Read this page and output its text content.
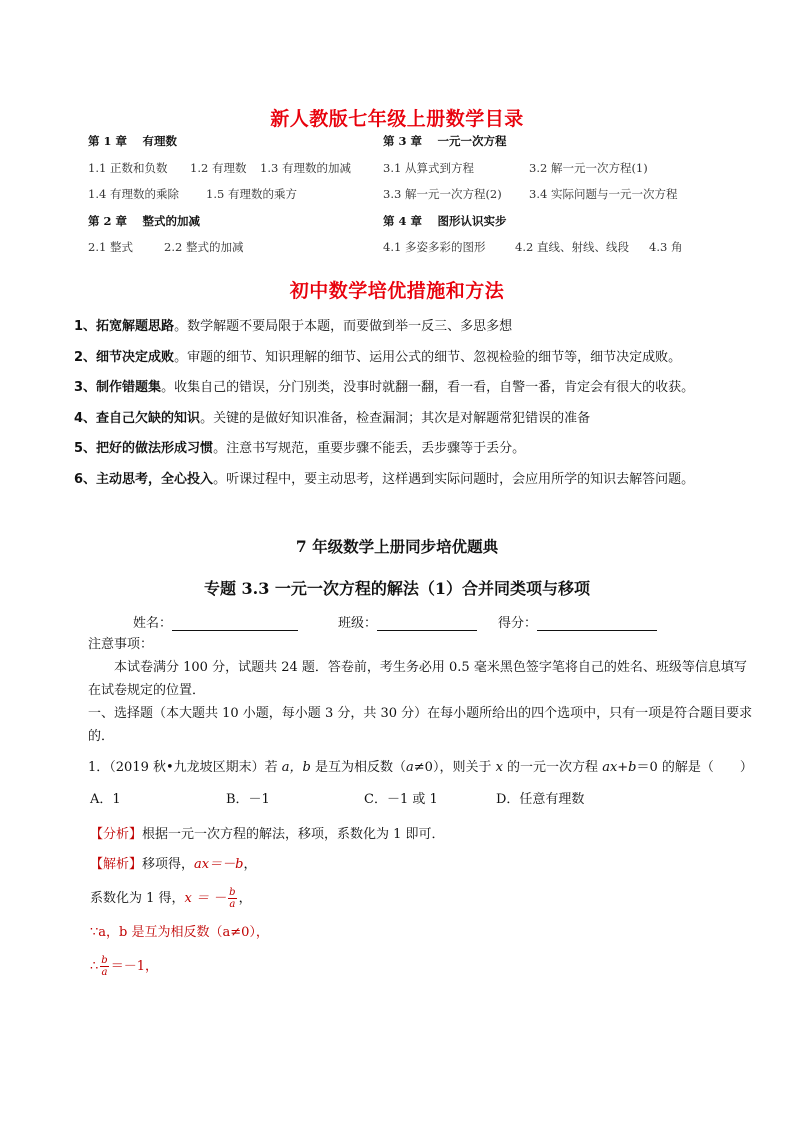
新人教版七年级上册数学目录
第 1 章　 有理数
1.1 正数和负数 1.2 有理数 1.3 有理数的加减
1.4 有理数的乘除 1.5 有理数的乘方
第 2 章　 整式的加减
2.1 整式	2.2 整式的加减
第 3 章　 一元一次方程
3.1 从算式到方程	3.2 解一元一次方程(1)
3.3 解一元一次方程(2) 3.4 实际问题与一元一次方程
第 4 章　 图形认识实步
4.1 多姿多彩的图形	4.2 直线、射线、线段 4.3 角
初中数学培优措施和方法
1、拓宽解题思路。数学解题不要局限于本题，而要做到举一反三、多思多想
2、细节决定成败。审题的细节、知识理解的细节、运用公式的细节、忽视检验的细节等，细节决定成败。
3、制作错题集。收集自己的错误，分门别类，没事时就翻一翻，看一看，自警一番，肯定会有很大的收获。
4、查自己欠缺的知识。关键的是做好知识准备，检查漏洞；其次是对解题常犯错误的准备
5、把好的做法形成习惯。注意书写规范，重要步骤不能丢，丢步骤等于丢分。
6、主动思考，全心投入。听课过程中，要主动思考，这样遇到实际问题时，会应用所学的知识去解答问题。
7 年级数学上册同步培优题典
专题 3.3 一元一次方程的解法（1）合并同类项与移项
姓名：	班级：	得分：
注意事项：
本试卷满分 100 分，试题共 24 题．答卷前，考生务必用 0.5 毫米黑色签字笔将自己的姓名、班级等信息填写在试卷规定的位置．
一、选择题（本大题共 10 小题，每小题 3 分，共 30 分）在每小题所给出的四个选项中，只有一项是符合题目要求的．
1．（2019 秋•九龙坡区期末）若 a，b 是互为相反数（a≠0），则关于 x 的一元一次方程 ax+b＝0 的解是（　　）
A．1	B．－1	C．－1 或 1	D．任意有理数
【分析】根据一元一次方程的解法，移项，系数化为 1 即可．
【解析】移项得，ax＝－b，
系数化为 1 得，x ＝ － $\frac{b}{a}$ ，
∵a，b 是互为相反数（a≠0），
∴ $\frac{b}{a} =-1$，
